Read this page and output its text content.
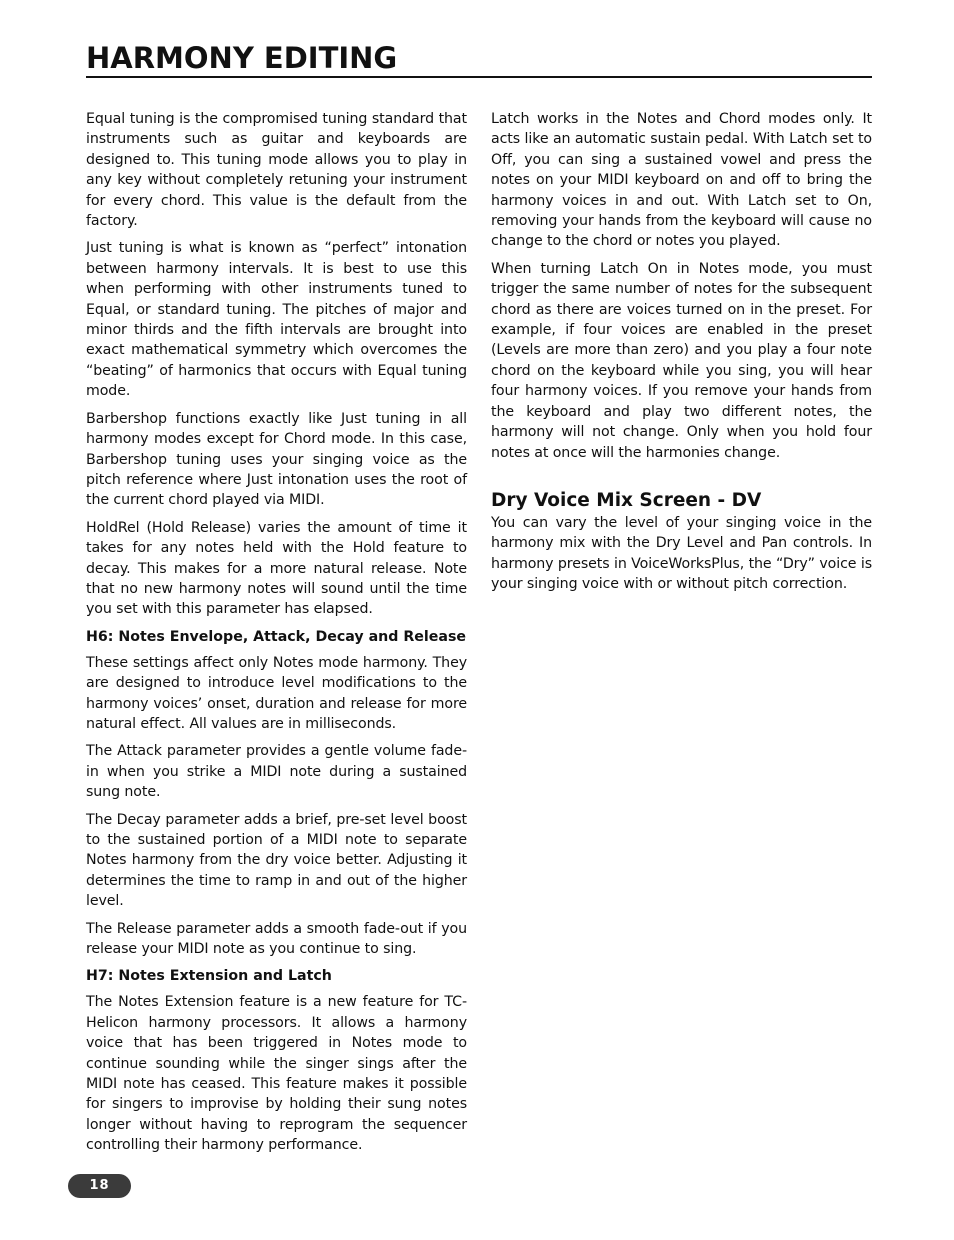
HARMONY EDITING

Equal tuning is the compromised tuning standard that instruments such as guitar and keyboards are designed to. This tuning mode allows you to play in any key without completely retuning your instrument for every chord. This value is the default from the factory.

Just tuning is what is known as “perfect” intonation between harmony intervals. It is best to use this when performing with other instruments tuned to Equal, or standard tuning. The pitches of major and minor thirds and the fifth intervals are brought into exact mathematical symmetry which overcomes the “beating” of harmonics that occurs with Equal tuning mode.

Barbershop functions exactly like Just tuning in all harmony modes except for Chord mode. In this case, Barbershop tuning uses your singing voice as the pitch reference where Just intonation uses the root of the current chord played via MIDI.

HoldRel (Hold Release) varies the amount of time it takes for any notes held with the Hold feature to decay. This makes for a more natural release. Note that no new harmony notes will sound until the time you set with this parameter has elapsed.

H6: Notes Envelope, Attack, Decay and Release

These settings affect only Notes mode harmony. They are designed to introduce level modifications to the harmony voices’ onset, duration and release for more natural effect. All values are in milliseconds.

The Attack parameter provides a gentle volume fade-in when you strike a MIDI note during a sustained sung note.

The Decay parameter adds a brief, pre-set level boost to the sustained portion of a MIDI note to separate Notes harmony from the dry voice better. Adjusting it determines the time to ramp in and out of the higher level.

The Release parameter adds a smooth fade-out if you release your MIDI note as you continue to sing.

H7: Notes Extension and Latch

The Notes Extension feature is a new feature for TC-Helicon harmony processors. It allows a harmony voice that has been triggered in Notes mode to continue sounding while the singer sings after the MIDI note has ceased. This feature makes it possible for singers to improvise by holding their sung notes longer without having to reprogram the sequencer controlling their harmony performance.

Latch works in the Notes and Chord modes only. It acts like an automatic sustain pedal. With Latch set to Off, you can sing a sustained vowel and press the notes on your MIDI keyboard on and off to bring the harmony voices in and out. With Latch set to On, removing your hands from the keyboard will cause no change to the chord or notes you played.

When turning Latch On in Notes mode, you must trigger the same number of notes for the subsequent chord as there are voices turned on in the preset. For example, if four voices are enabled in the preset (Levels are more than zero) and you play a four note chord on the keyboard while you sing, you will hear four harmony voices. If you remove your hands from the keyboard and play two different notes, the harmony will not change. Only when you hold four notes at once will the harmonies change.

Dry Voice Mix Screen - DV

You can vary the level of your singing voice in the harmony mix with the Dry Level and Pan controls. In harmony presets in VoiceWorksPlus, the “Dry” voice is your singing voice with or without pitch correction.

18
